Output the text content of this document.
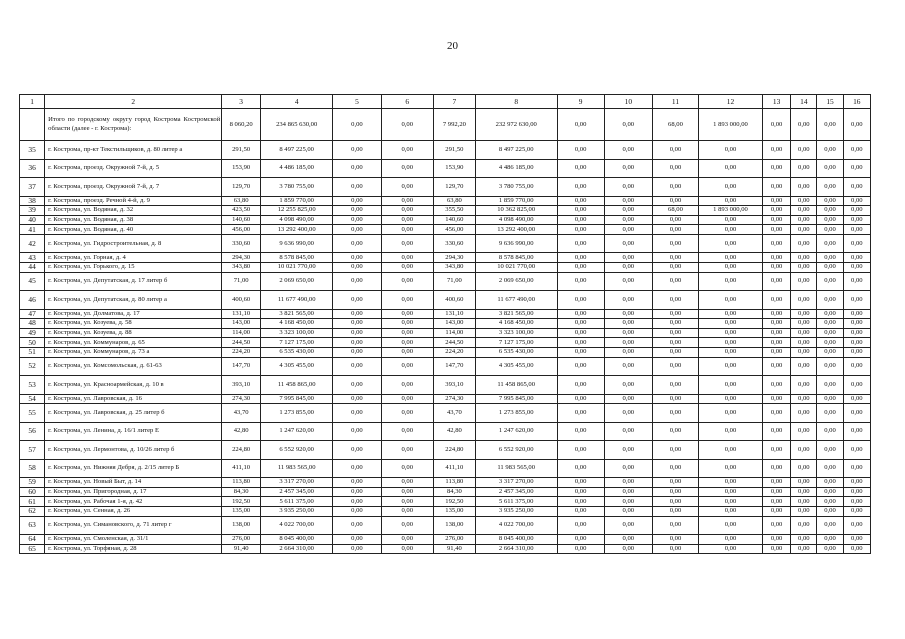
20
1	2	3	4	5	6	7	8	9	10	11	12	13	14	15	16
	Итого по городскому округу город Кострома Костромской области (далее - г. Кострома):	8 060,20	234 865 630,00	0,00	0,00	7 992,20	232 972 630,00	0,00	0,00	68,00	1 893 000,00	0,00	0,00	0,00	0,00
35	г. Кострома, пр-кт Текстильщиков, д. 80 литер а	291,50	8 497 225,00	0,00	0,00	291,50	8 497 225,00	0,00	0,00	0,00	0,00	0,00	0,00	0,00	0,00
36	г. Кострома, проезд. Окружной 7-й, д. 5	153,90	4 486 185,00	0,00	0,00	153,90	4 486 185,00	0,00	0,00	0,00	0,00	0,00	0,00	0,00	0,00
37	г. Кострома, проезд. Окружной 7-й, д. 7	129,70	3 780 755,00	0,00	0,00	129,70	3 780 755,00	0,00	0,00	0,00	0,00	0,00	0,00	0,00	0,00
38	г. Кострома, проезд. Речной 4-й, д. 9	63,80	1 859 770,00	0,00	0,00	63,80	1 859 770,00	0,00	0,00	0,00	0,00	0,00	0,00	0,00	0,00
39	г. Кострома, ул. Водяная, д. 32	423,50	12 255 825,00	0,00	0,00	355,50	10 362 825,00	0,00	0,00	68,00	1 893 000,00	0,00	0,00	0,00	0,00
40	г. Кострома, ул. Водяная, д. 38	140,60	4 098 490,00	0,00	0,00	140,60	4 098 490,00	0,00	0,00	0,00	0,00	0,00	0,00	0,00	0,00
41	г. Кострома, ул. Водяная, д. 40	456,00	13 292 400,00	0,00	0,00	456,00	13 292 400,00	0,00	0,00	0,00	0,00	0,00	0,00	0,00	0,00
42	г. Кострома, ул. Гидростроительная, д. 8	330,60	9 636 990,00	0,00	0,00	330,60	9 636 990,00	0,00	0,00	0,00	0,00	0,00	0,00	0,00	0,00
43	г. Кострома, ул. Горная, д. 4	294,30	8 578 845,00	0,00	0,00	294,30	8 578 845,00	0,00	0,00	0,00	0,00	0,00	0,00	0,00	0,00
44	г. Кострома, ул. Горького, д. 15	343,80	10 021 770,00	0,00	0,00	343,80	10 021 770,00	0,00	0,00	0,00	0,00	0,00	0,00	0,00	0,00
45	г. Кострома, ул. Депутатская, д. 17 литер б	71,00	2 069 650,00	0,00	0,00	71,00	2 069 650,00	0,00	0,00	0,00	0,00	0,00	0,00	0,00	0,00
46	г. Кострома, ул. Депутатская, д. 80 литер а	400,60	11 677 490,00	0,00	0,00	400,60	11 677 490,00	0,00	0,00	0,00	0,00	0,00	0,00	0,00	0,00
47	г. Кострома, ул. Долматова, д. 17	131,10	3 821 565,00	0,00	0,00	131,10	3 821 565,00	0,00	0,00	0,00	0,00	0,00	0,00	0,00	0,00
48	г. Кострома, ул. Козуева, д. 58	143,00	4 168 450,00	0,00	0,00	143,00	4 168 450,00	0,00	0,00	0,00	0,00	0,00	0,00	0,00	0,00
49	г. Кострома, ул. Козуева, д. 88	114,00	3 323 100,00	0,00	0,00	114,00	3 323 100,00	0,00	0,00	0,00	0,00	0,00	0,00	0,00	0,00
50	г. Кострома, ул. Коммунаров, д. 65	244,50	7 127 175,00	0,00	0,00	244,50	7 127 175,00	0,00	0,00	0,00	0,00	0,00	0,00	0,00	0,00
51	г. Кострома, ул. Коммунаров, д. 73 а	224,20	6 535 430,00	0,00	0,00	224,20	6 535 430,00	0,00	0,00	0,00	0,00	0,00	0,00	0,00	0,00
52	г. Кострома, ул. Комсомольская, д. 61-63	147,70	4 305 455,00	0,00	0,00	147,70	4 305 455,00	0,00	0,00	0,00	0,00	0,00	0,00	0,00	0,00
53	г. Кострома, ул. Красноармейская, д. 10 в	393,10	11 458 865,00	0,00	0,00	393,10	11 458 865,00	0,00	0,00	0,00	0,00	0,00	0,00	0,00	0,00
54	г. Кострома, ул. Лавровская, д. 16	274,30	7 995 845,00	0,00	0,00	274,30	7 995 845,00	0,00	0,00	0,00	0,00	0,00	0,00	0,00	0,00
55	г. Кострома, ул. Лавровская, д. 25 литер б	43,70	1 273 855,00	0,00	0,00	43,70	1 273 855,00	0,00	0,00	0,00	0,00	0,00	0,00	0,00	0,00
56	г. Кострома, ул. Ленина, д. 16/1 литер Е	42,80	1 247 620,00	0,00	0,00	42,80	1 247 620,00	0,00	0,00	0,00	0,00	0,00	0,00	0,00	0,00
57	г. Кострома, ул. Лермонтова, д. 10/26 литер б	224,80	6 552 920,00	0,00	0,00	224,80	6 552 920,00	0,00	0,00	0,00	0,00	0,00	0,00	0,00	0,00
58	г. Кострома, ул. Нижняя Дебря, д. 2/15 литер Б	411,10	11 983 565,00	0,00	0,00	411,10	11 983 565,00	0,00	0,00	0,00	0,00	0,00	0,00	0,00	0,00
59	г. Кострома, ул. Новый Быт, д. 14	113,80	3 317 270,00	0,00	0,00	113,80	3 317 270,00	0,00	0,00	0,00	0,00	0,00	0,00	0,00	0,00
60	г. Кострома, ул. Пригородная, д. 17	84,30	2 457 345,00	0,00	0,00	84,30	2 457 345,00	0,00	0,00	0,00	0,00	0,00	0,00	0,00	0,00
61	г. Кострома, ул. Рабочая 1-я, д. 42	192,50	5 611 375,00	0,00	0,00	192,50	5 611 375,00	0,00	0,00	0,00	0,00	0,00	0,00	0,00	0,00
62	г. Кострома, ул. Сенная, д. 26	135,00	3 935 250,00	0,00	0,00	135,00	3 935 250,00	0,00	0,00	0,00	0,00	0,00	0,00	0,00	0,00
63	г. Кострома, ул. Симановского, д. 71 литер г	138,00	4 022 700,00	0,00	0,00	138,00	4 022 700,00	0,00	0,00	0,00	0,00	0,00	0,00	0,00	0,00
64	г. Кострома, ул. Смоленская, д. 31/1	276,00	8 045 400,00	0,00	0,00	276,00	8 045 400,00	0,00	0,00	0,00	0,00	0,00	0,00	0,00	0,00
65	г. Кострома, ул. Торфяная, д. 28	91,40	2 664 310,00	0,00	0,00	91,40	2 664 310,00	0,00	0,00	0,00	0,00	0,00	0,00	0,00	0,00
